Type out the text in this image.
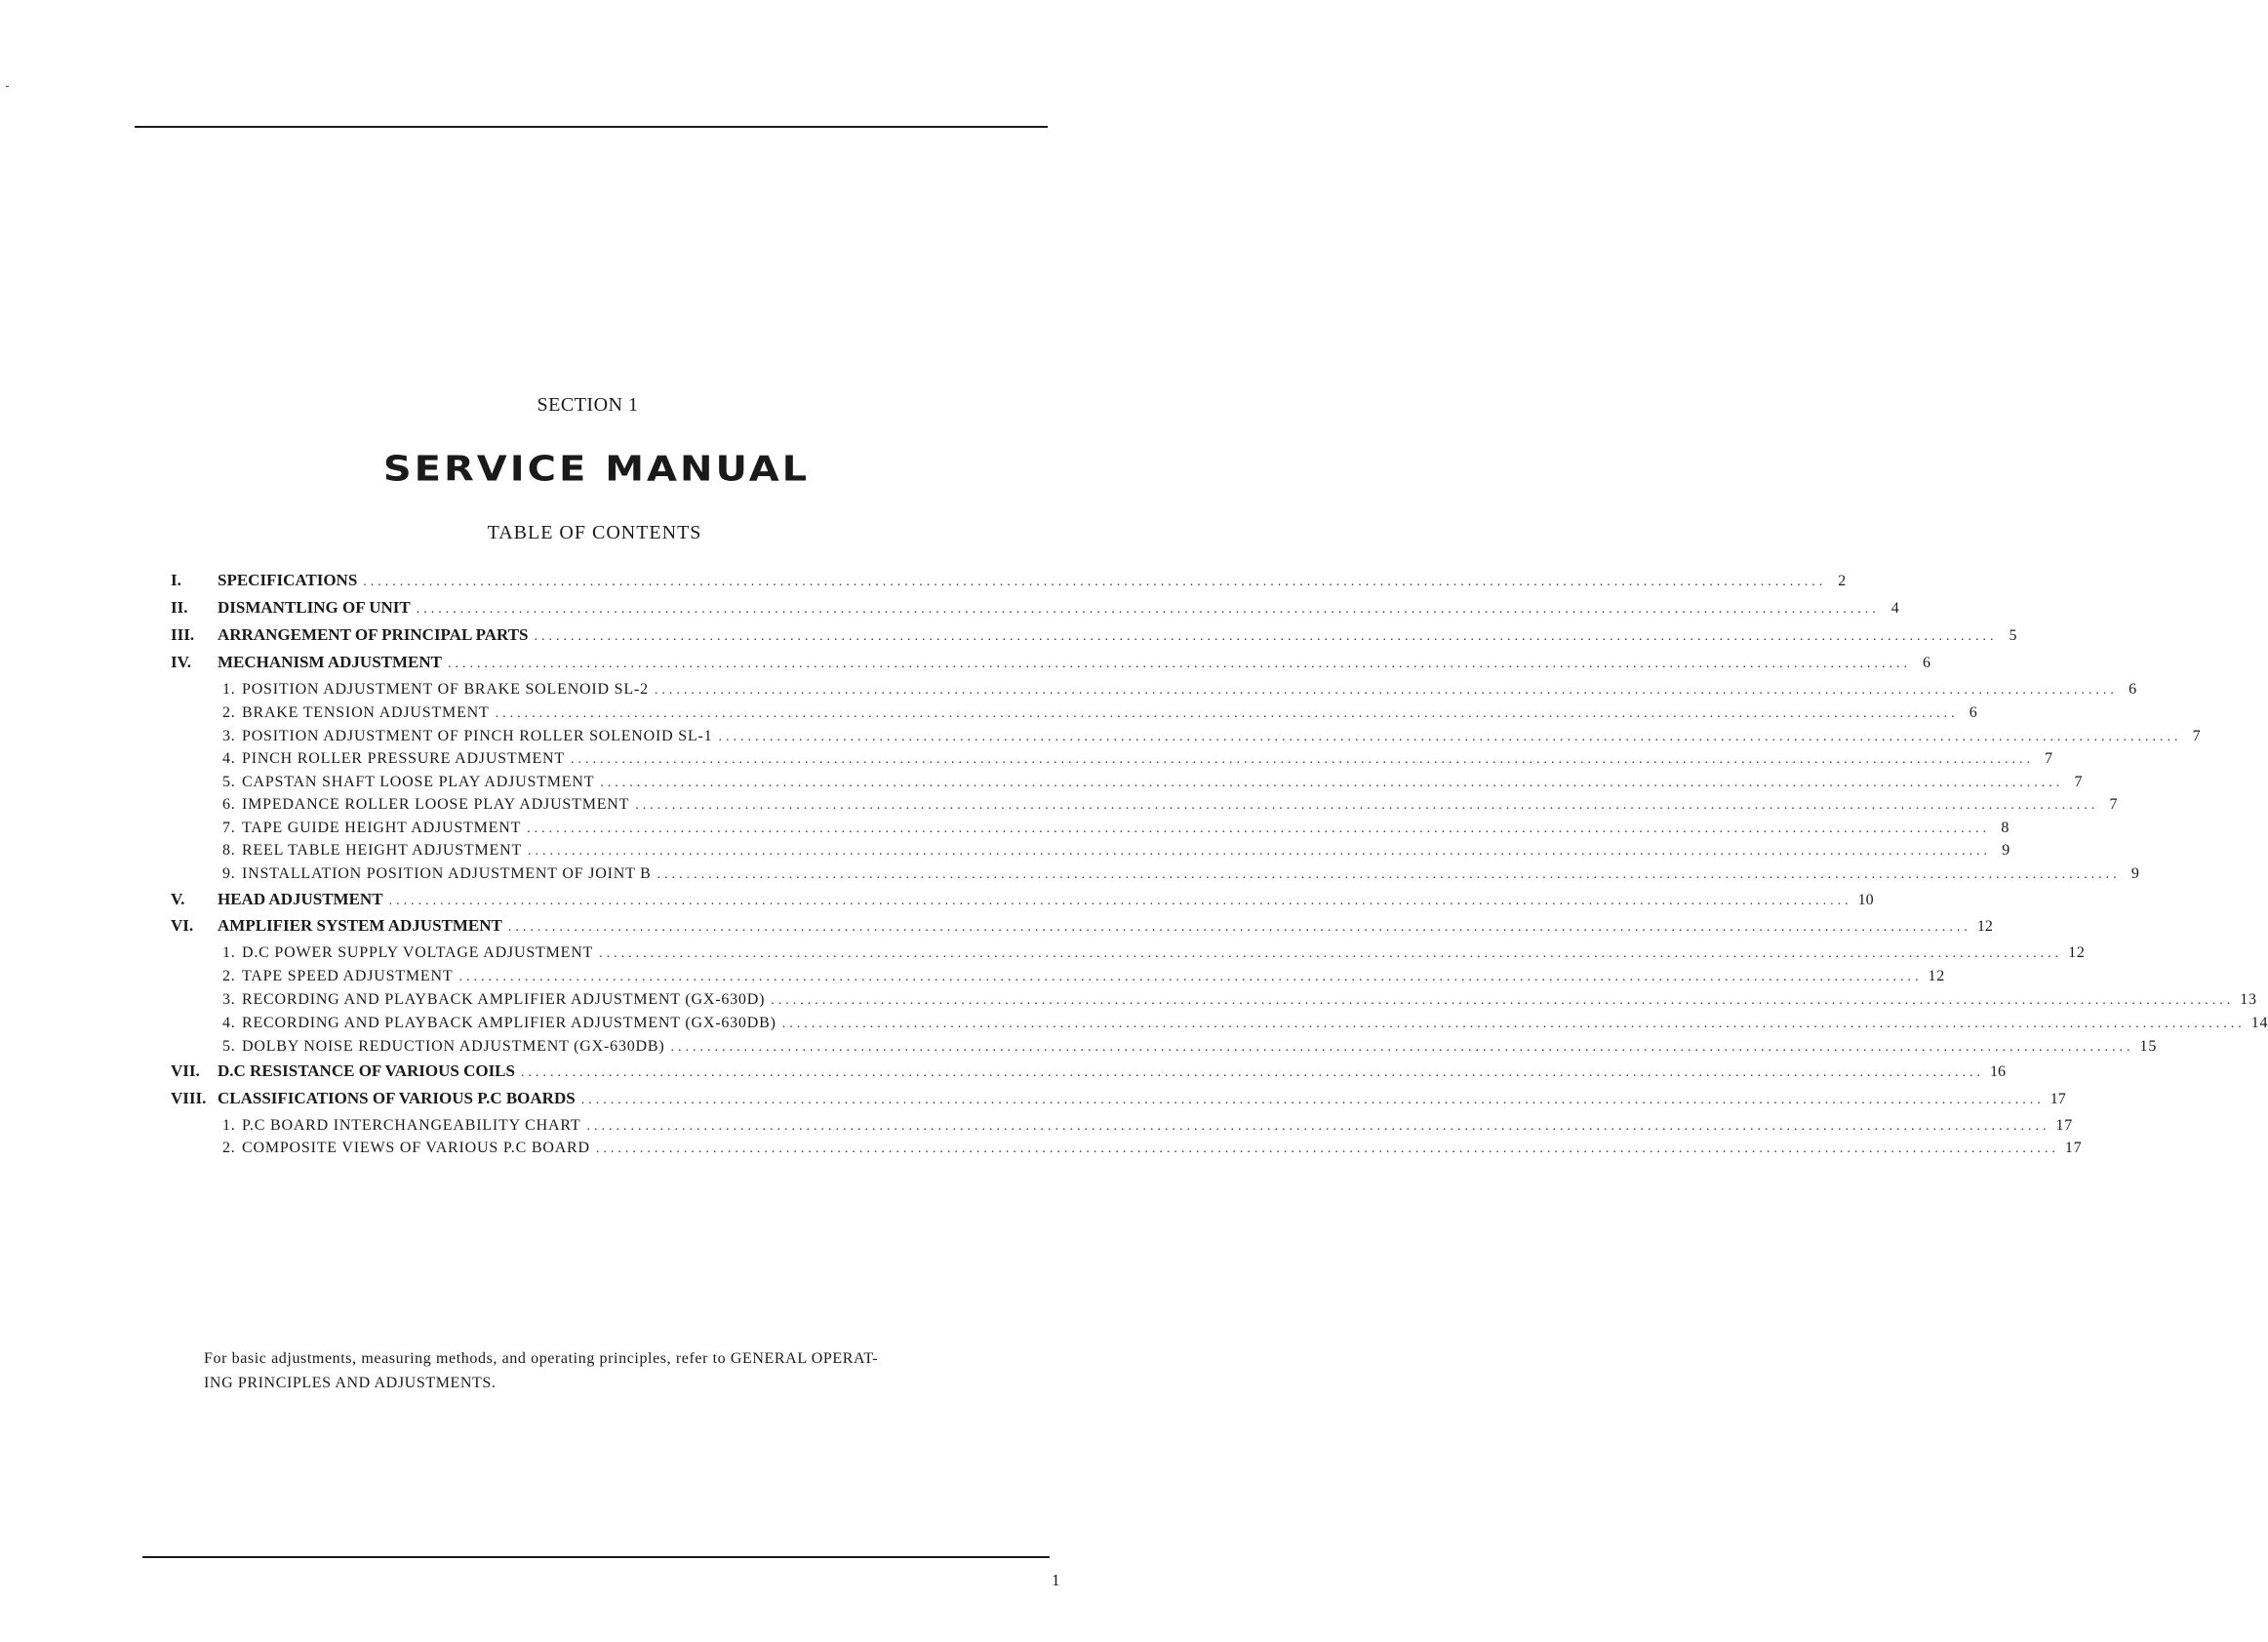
SECTION 1
SERVICE MANUAL
TABLE OF CONTENTS
I.	SPECIFICATIONS ........................................................................................................................................................................................................ 2
II.	DISMANTLING OF UNIT ........................................................................................................................................................................................................ 4
III.	ARRANGEMENT OF PRINCIPAL PARTS ........................................................................................................................................................................................................ 5
IV.	MECHANISM ADJUSTMENT ........................................................................................................................................................................................................ 6
1. POSITION ADJUSTMENT OF BRAKE SOLENOID SL-2 ........................................................................................................................................................................................................ 6
2. BRAKE TENSION ADJUSTMENT ........................................................................................................................................................................................................ 6
3. POSITION ADJUSTMENT OF PINCH ROLLER SOLENOID SL-1 ........................................................................................................................................................................................................ 7
4. PINCH ROLLER PRESSURE ADJUSTMENT ........................................................................................................................................................................................................ 7
5. CAPSTAN SHAFT LOOSE PLAY ADJUSTMENT ........................................................................................................................................................................................................ 7
6. IMPEDANCE ROLLER LOOSE PLAY ADJUSTMENT ........................................................................................................................................................................................................ 7
7. TAPE GUIDE HEIGHT ADJUSTMENT ........................................................................................................................................................................................................ 8
8. REEL TABLE HEIGHT ADJUSTMENT ........................................................................................................................................................................................................ 9
9. INSTALLATION POSITION ADJUSTMENT OF JOINT B ........................................................................................................................................................................................................ 9
V.	HEAD ADJUSTMENT ........................................................................................................................................................................................................ 10
VI.	AMPLIFIER SYSTEM ADJUSTMENT ........................................................................................................................................................................................................ 12
1. D.C POWER SUPPLY VOLTAGE ADJUSTMENT ........................................................................................................................................................................................................ 12
2. TAPE SPEED ADJUSTMENT ........................................................................................................................................................................................................ 12
3. RECORDING AND PLAYBACK AMPLIFIER ADJUSTMENT (GX-630D) ........................................................................................................................................................................................................ 13
4. RECORDING AND PLAYBACK AMPLIFIER ADJUSTMENT (GX-630DB) ........................................................................................................................................................................................................ 14
5. DOLBY NOISE REDUCTION ADJUSTMENT (GX-630DB) ........................................................................................................................................................................................................ 15
VII.	D.C RESISTANCE OF VARIOUS COILS ........................................................................................................................................................................................................ 16
VIII. CLASSIFICATIONS OF VARIOUS P.C BOARDS ........................................................................................................................................................................................................ 17
1. P.C BOARD INTERCHANGEABILITY CHART ........................................................................................................................................................................................................ 17
2. COMPOSITE VIEWS OF VARIOUS P.C BOARD ........................................................................................................................................................................................................ 17
For basic adjustments, measuring methods, and operating principles, refer to GENERAL OPERAT-
ING PRINCIPLES AND ADJUSTMENTS.
1
